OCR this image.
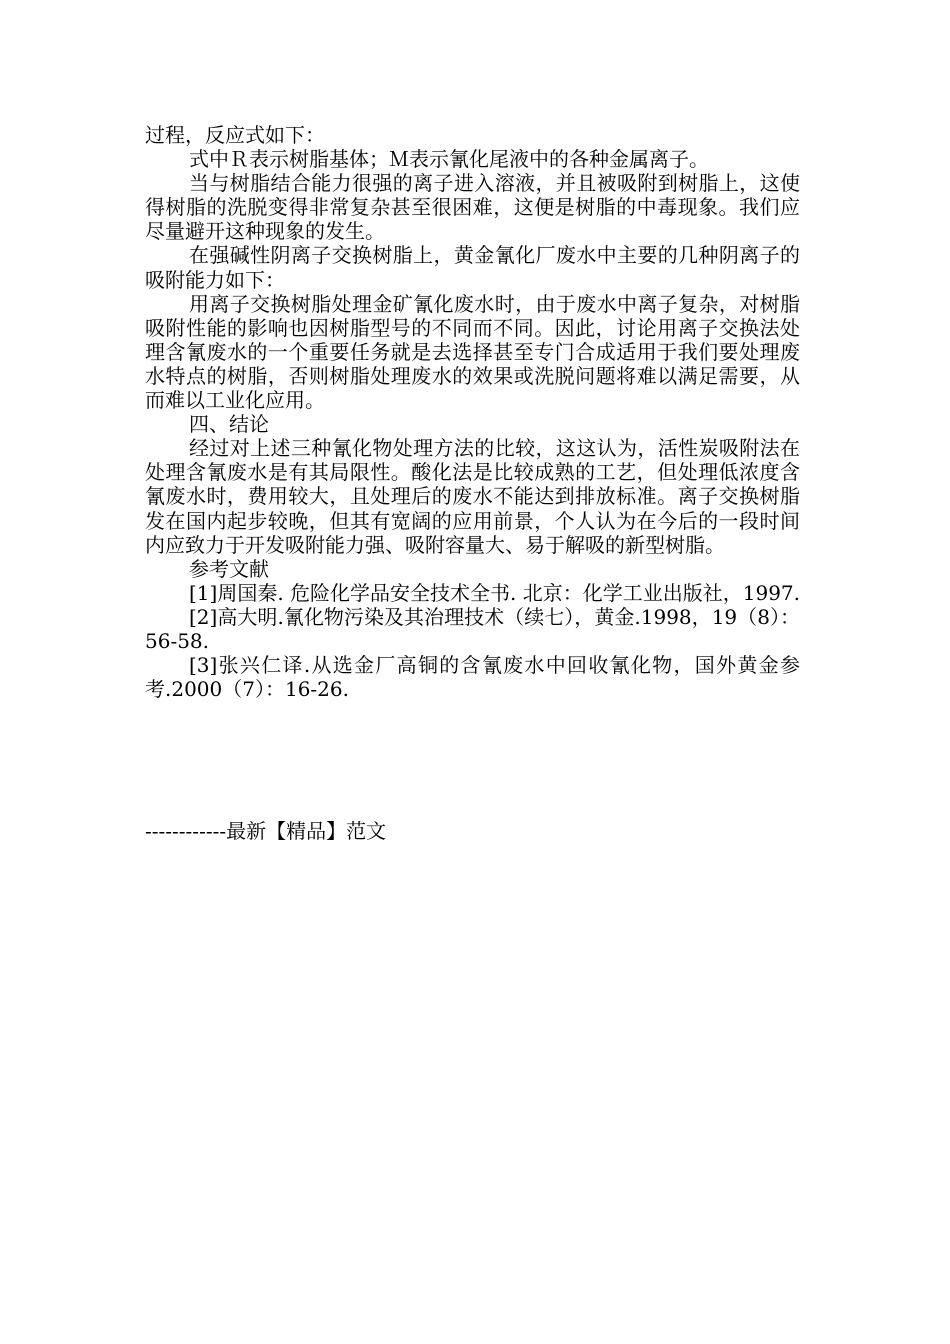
过程，反应式如下：

式中Ｒ表示树脂基体；Ｍ表示氰化尾液中的各种金属离子。

当与树脂结合能力很强的离子进入溶液，并且被吸附到树脂上，这使得树脂的洗脱变得非常复杂甚至很困难，这便是树脂的中毒现象。我们应尽量避开这种现象的发生。

在强碱性阴离子交换树脂上，黄金氰化厂废水中主要的几种阴离子的吸附能力如下：

用离子交换树脂处理金矿氰化废水时，由于废水中离子复杂，对树脂吸附性能的影响也因树脂型号的不同而不同。因此，讨论用离子交换法处理含氰废水的一个重要任务就是去选择甚至专门合成适用于我们要处理废水特点的树脂，否则树脂处理废水的效果或洗脱问题将难以满足需要，从而难以工业化应用。

四、结论

经过对上述三种氰化物处理方法的比较，这这认为，活性炭吸附法在处理含氰废水是有其局限性。酸化法是比较成熟的工艺，但处理低浓度含氰废水时，费用较大，且处理后的废水不能达到排放标准。离子交换树脂发在国内起步较晚，但其有宽阔的应用前景，个人认为在今后的一段时间内应致力于开发吸附能力强、吸附容量大、易于解吸的新型树脂。

参考文献

[1]周国秦. 危险化学品安全技术全书. 北京：化学工业出版社，1997.

[2]高大明.氰化物污染及其治理技术（续七），黄金.1998，19（8）：56-58.

[3]张兴仁译.从选金厂高铜的含氰废水中回收氰化物，国外黄金参考.2000（7）：16-26.

------------最新【精品】范文
